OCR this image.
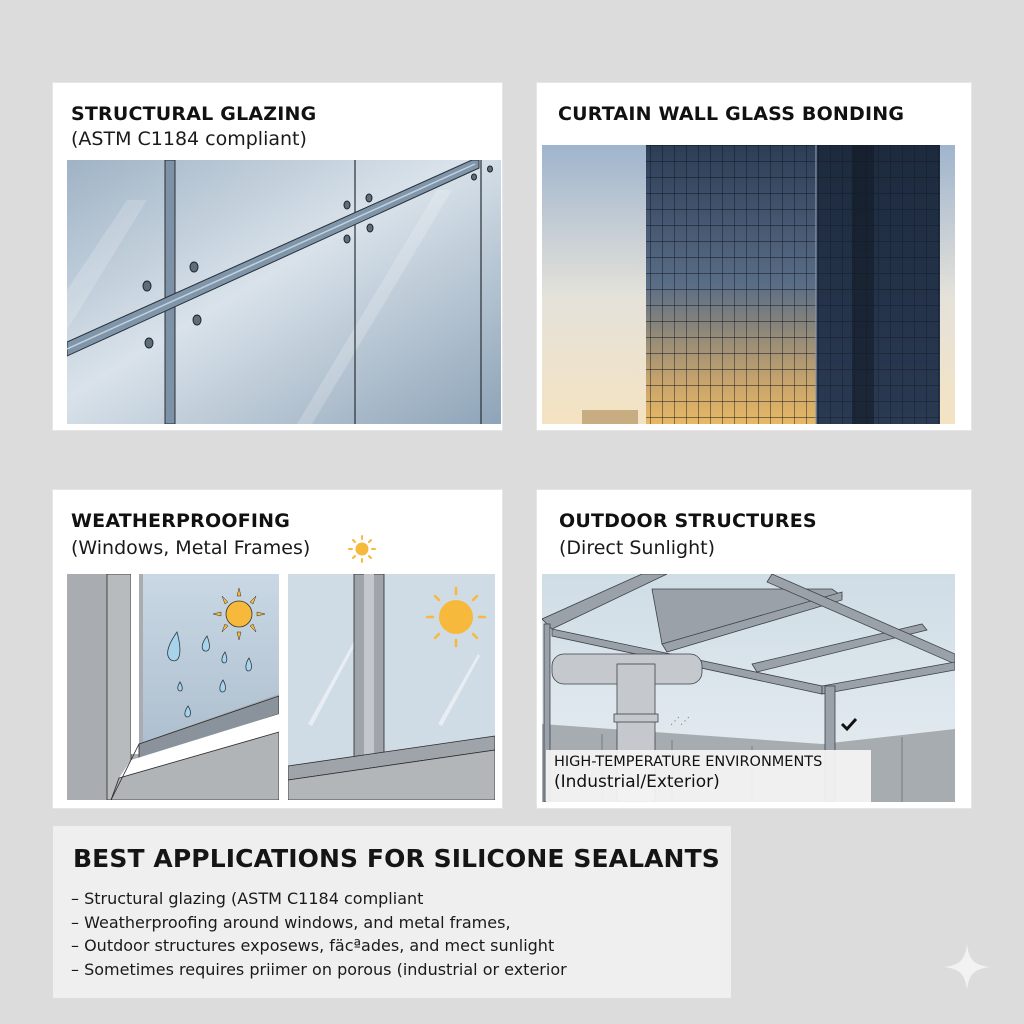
STRUCTURAL GLAZING
(ASTM C1184 compliant)
CURTAIN WALL GLASS BONDING
WEATHERPROOFING
(Windows, Metal Frames)
OUTDOOR STRUCTURES
(Direct Sunlight)
⋰⋰
HIGH-TEMPERATURE ENVIRONMENTS
(Industrial/Exterior)
BEST APPLICATIONS FOR SILICONE SEALANTS
– Structural glazing (ASTM C1184 compliant
– Weatherproofing around windows, and metal frames,
– Outdoor structures exposews, fäcªades, and mect sunlight
– Sometimes requires priimer on porous (industrial or exterior
